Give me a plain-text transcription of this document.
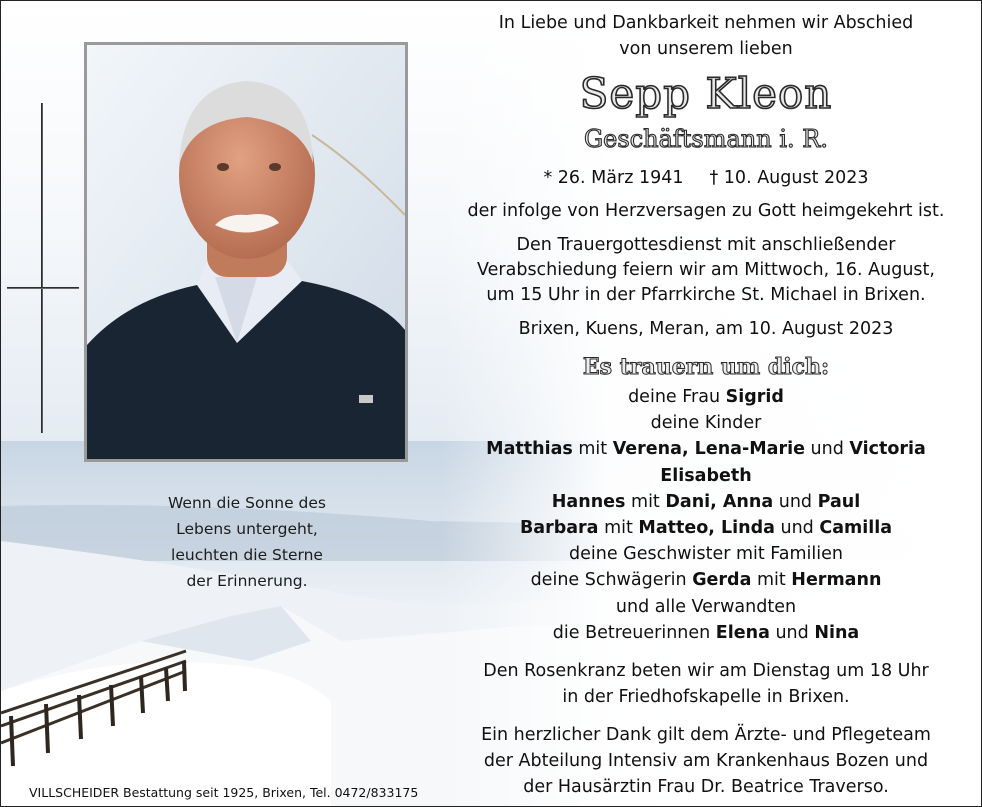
Wenn die Sonne des
Lebens untergeht,
leuchten die Sterne
der Erinnerung.
In Liebe und Dankbarkeit nehmen wir Abschied
von unserem lieben
Sepp Kleon
Geschäftsmann i. R.
* 26. März 1941 † 10. August 2023
der infolge von Herzversagen zu Gott heimgekehrt ist.
Den Trauergottesdienst mit anschließender
Verabschiedung feiern wir am Mittwoch, 16. August,
um 15 Uhr in der Pfarrkirche St. Michael in Brixen.
Brixen, Kuens, Meran, am 10. August 2023
Es trauern um dich:
deine Frau Sigrid
deine Kinder
Matthias mit Verena, Lena-Marie und Victoria
Elisabeth
Hannes mit Dani, Anna und Paul
Barbara mit Matteo, Linda und Camilla
deine Geschwister mit Familien
deine Schwägerin Gerda mit Hermann
und alle Verwandten
die Betreuerinnen Elena und Nina
Den Rosenkranz beten wir am Dienstag um 18 Uhr
in der Friedhofskapelle in Brixen.
Ein herzlicher Dank gilt dem Ärzte- und Pflegeteam
der Abteilung Intensiv am Krankenhaus Bozen und
der Hausärztin Frau Dr. Beatrice Traverso.
VILLSCHEIDER Bestattung seit 1925, Brixen, Tel. 0472/833175
